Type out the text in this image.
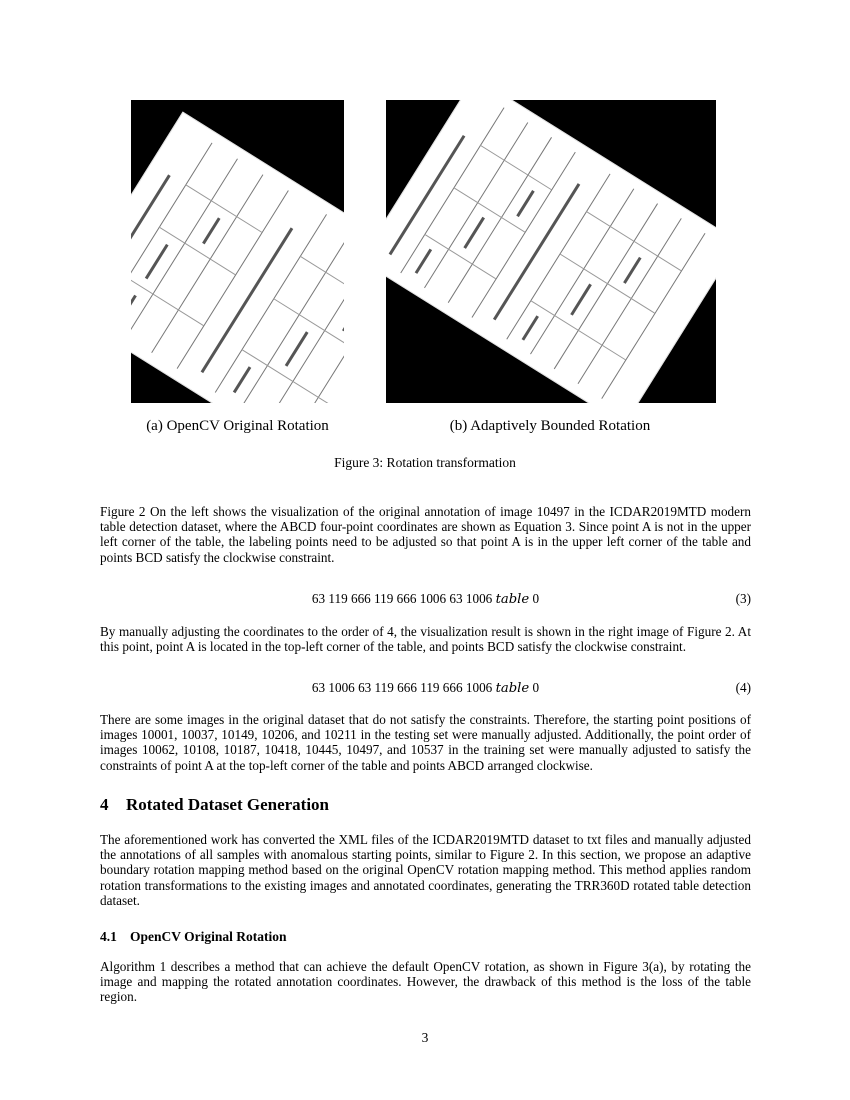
(a) OpenCV Original Rotation	(b) Adaptively Bounded Rotation
Figure 3: Rotation transformation
Figure 2 On the left shows the visualization of the original annotation of image 10497 in the ICDAR2019MTD modern table detection dataset, where the ABCD four-point coordinates are shown as Equation 3. Since point A is not in the upper left corner of the table, the labeling points need to be adjusted so that point A is in the upper left corner of the table and points BCD satisfy the clockwise constraint.
63 119 666 119 666 1006 63 1006 table 0	(3)
By manually adjusting the coordinates to the order of 4, the visualization result is shown in the right image of Figure 2. At this point, point A is located in the top-left corner of the table, and points BCD satisfy the clockwise constraint.
63 1006 63 119 666 119 666 1006 table 0	(4)
There are some images in the original dataset that do not satisfy the constraints. Therefore, the starting point positions of images 10001, 10037, 10149, 10206, and 10211 in the testing set were manually adjusted. Additionally, the point order of images 10062, 10108, 10187, 10418, 10445, 10497, and 10537 in the training set were manually adjusted to satisfy the constraints of point A at the top-left corner of the table and points ABCD arranged clockwise.
4 Rotated Dataset Generation
The aforementioned work has converted the XML files of the ICDAR2019MTD dataset to txt files and manually adjusted the annotations of all samples with anomalous starting points, similar to Figure 2. In this section, we propose an adaptive boundary rotation mapping method based on the original OpenCV rotation mapping method. This method applies random rotation transformations to the existing images and annotated coordinates, generating the TRR360D rotated table detection dataset.
4.1 OpenCV Original Rotation
Algorithm 1 describes a method that can achieve the default OpenCV rotation, as shown in Figure 3(a), by rotating the image and mapping the rotated annotation coordinates. However, the drawback of this method is the loss of the table region.
3
